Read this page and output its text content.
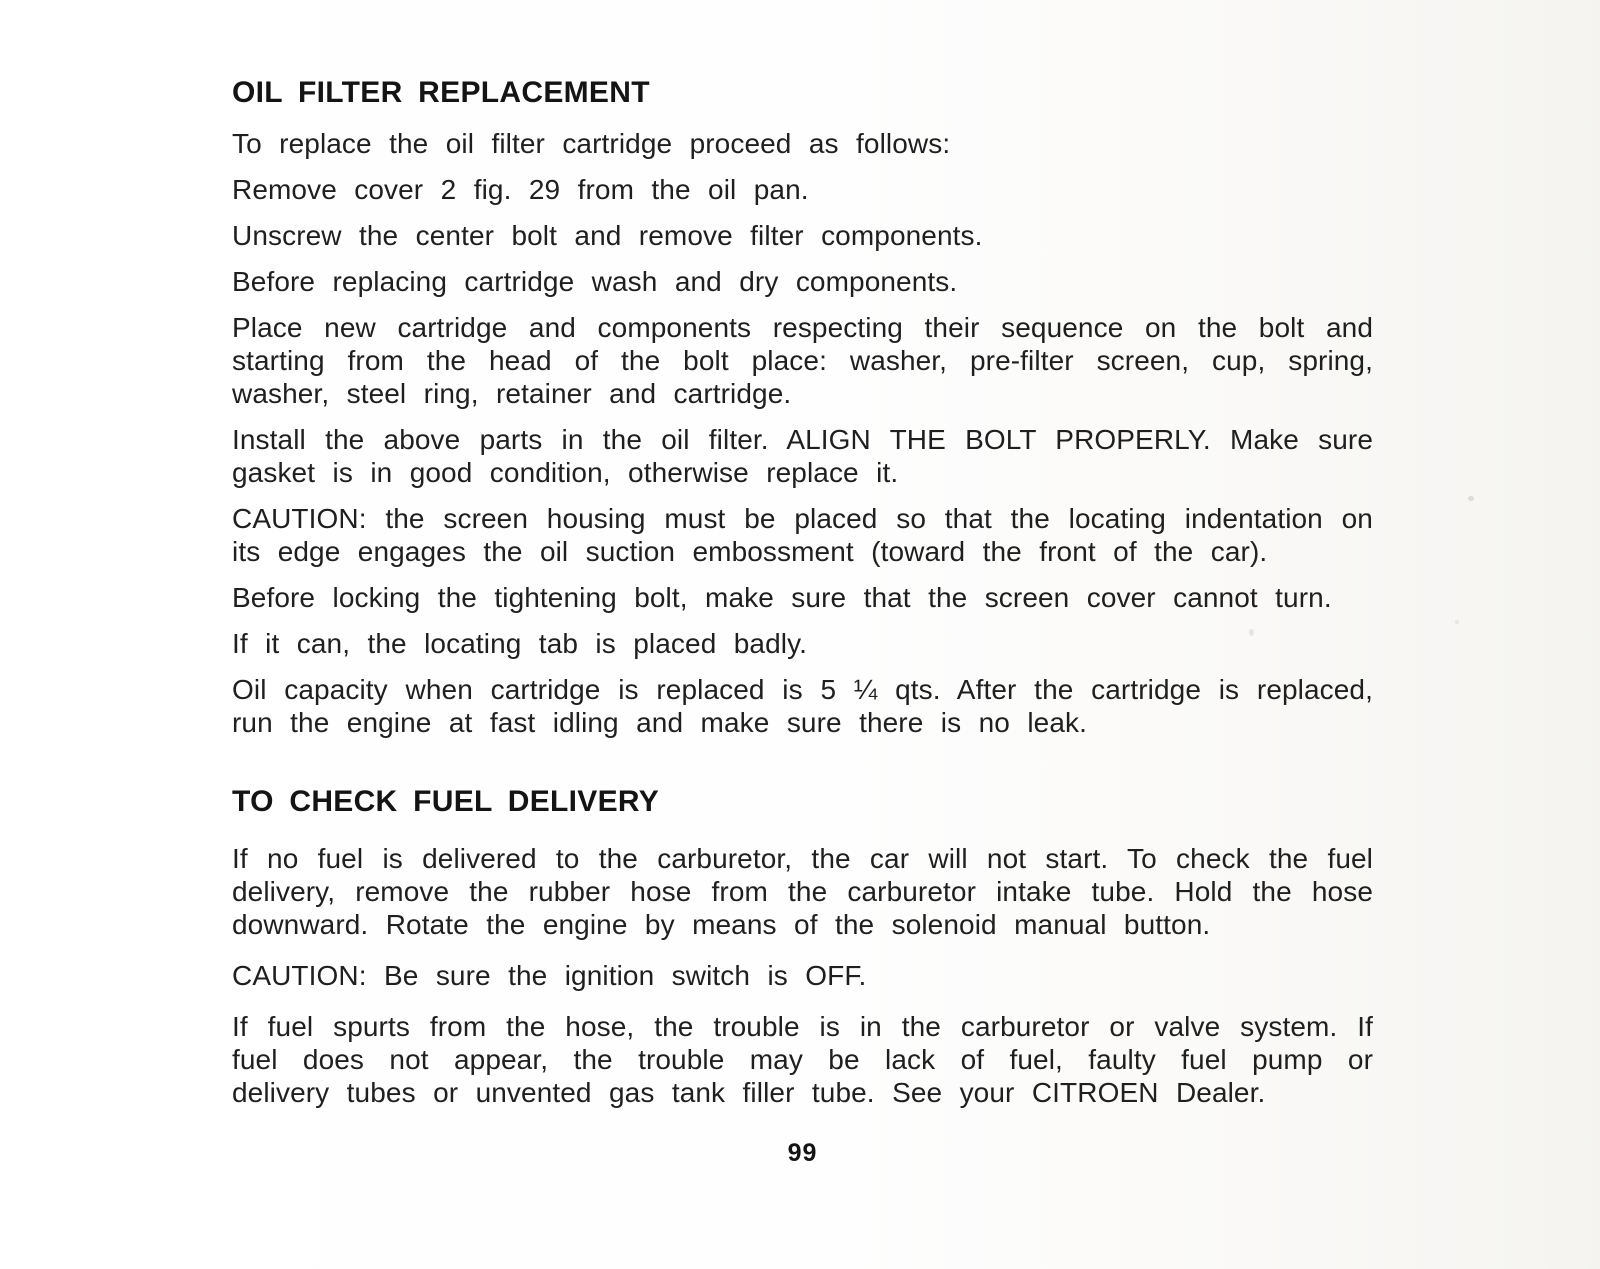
OIL FILTER REPLACEMENT

To replace the oil filter cartridge proceed as follows:

Remove cover 2 fig. 29 from the oil pan.

Unscrew the center bolt and remove filter components.

Before replacing cartridge wash and dry components.

Place new cartridge and components respecting their sequence on the bolt and starting from the head of the bolt place: washer, pre-filter screen, cup, spring, washer, steel ring, retainer and cartridge.

Install the above parts in the oil filter. ALIGN THE BOLT PROPERLY. Make sure gasket is in good condition, otherwise replace it.

CAUTION: the screen housing must be placed so that the locating indentation on its edge engages the oil suction embossment (toward the front of the car).

Before locking the tightening bolt, make sure that the screen cover cannot turn.

If it can, the locating tab is placed badly.

Oil capacity when cartridge is replaced is 5 ¼ qts. After the cartridge is replaced, run the engine at fast idling and make sure there is no leak.

TO CHECK FUEL DELIVERY

If no fuel is delivered to the carburetor, the car will not start. To check the fuel delivery, remove the rubber hose from the carburetor intake tube. Hold the hose downward. Rotate the engine by means of the solenoid manual button.

CAUTION: Be sure the ignition switch is OFF.

If fuel spurts from the hose, the trouble is in the carburetor or valve system. If fuel does not appear, the trouble may be lack of fuel, faulty fuel pump or delivery tubes or unvented gas tank filler tube. See your CITROEN Dealer.

99
